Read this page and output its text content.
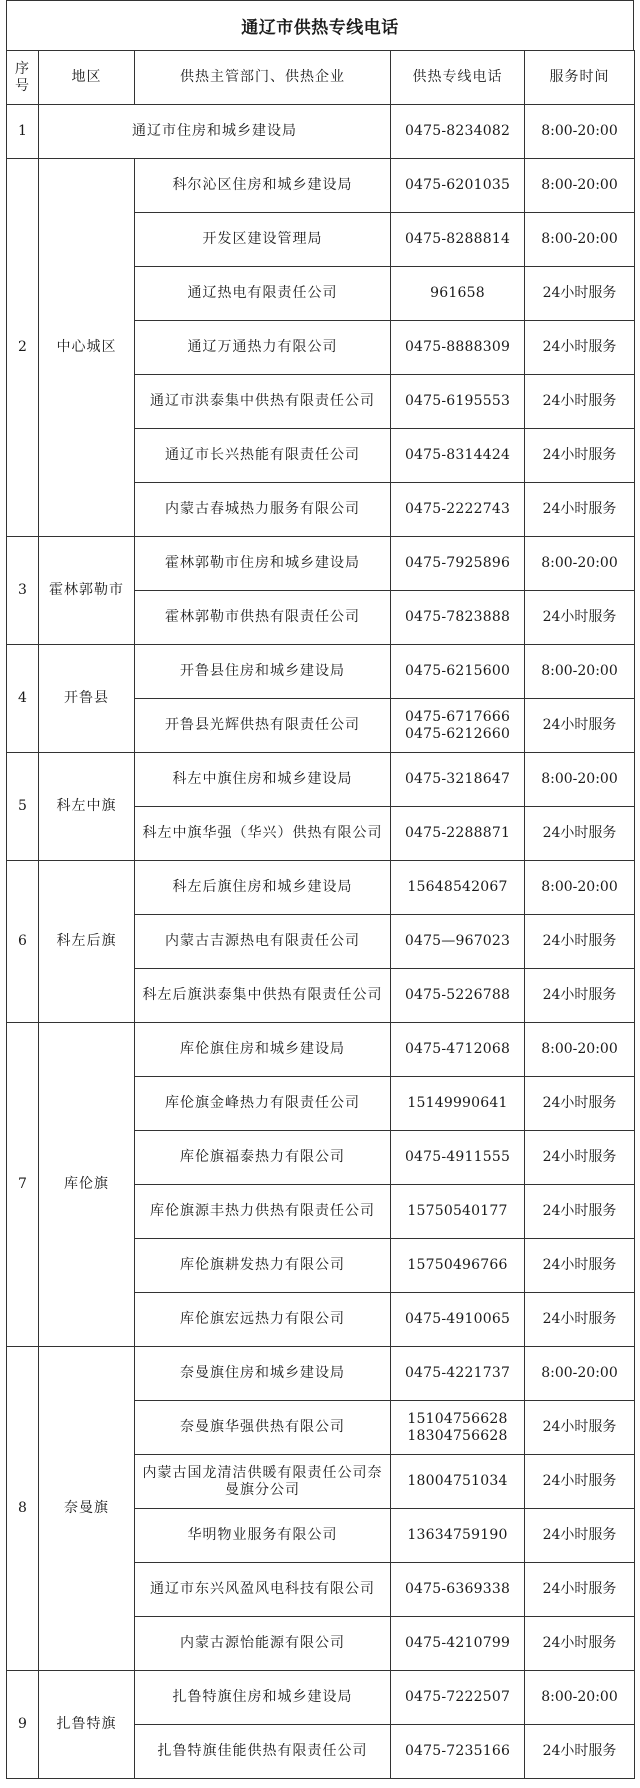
通辽市供热专线电话
序号	地区	供热主管部门、供热企业	供热专线电话	服务时间
1	通辽市住房和城乡建设局		0475-8234082	8:00-20:00
2	中心城区	科尔沁区住房和城乡建设局	0475-6201035	8:00-20:00
		开发区建设管理局	0475-8288814	8:00-20:00
		通辽热电有限责任公司	961658	24小时服务
		通辽万通热力有限公司	0475-8888309	24小时服务
		通辽市洪泰集中供热有限责任公司	0475-6195553	24小时服务
		通辽市长兴热能有限责任公司	0475-8314424	24小时服务
		内蒙古春城热力服务有限公司	0475-2222743	24小时服务
3	霍林郭勒市	霍林郭勒市住房和城乡建设局	0475-7925896	8:00-20:00
		霍林郭勒市供热有限责任公司	0475-7823888	24小时服务
4	开鲁县	开鲁县住房和城乡建设局	0475-6215600	8:00-20:00
		开鲁县光辉供热有限责任公司	0475-6717666 0475-6212660	24小时服务
5	科左中旗	科左中旗住房和城乡建设局	0475-3218647	8:00-20:00
		科左中旗华强（华兴）供热有限公司	0475-2288871	24小时服务
6	科左后旗	科左后旗住房和城乡建设局	15648542067	8:00-20:00
		内蒙古吉源热电有限责任公司	0475—967023	24小时服务
		科左后旗洪泰集中供热有限责任公司	0475-5226788	24小时服务
7	库伦旗	库伦旗住房和城乡建设局	0475-4712068	8:00-20:00
		库伦旗金峰热力有限责任公司	15149990641	24小时服务
		库伦旗福泰热力有限公司	0475-4911555	24小时服务
		库伦旗源丰热力供热有限责任公司	15750540177	24小时服务
		库伦旗耕发热力有限公司	15750496766	24小时服务
		库伦旗宏远热力有限公司	0475-4910065	24小时服务
8	奈曼旗	奈曼旗住房和城乡建设局	0475-4221737	8:00-20:00
		奈曼旗华强供热有限公司	15104756628 18304756628	24小时服务
		内蒙古国龙清洁供暖有限责任公司奈曼旗分公司	18004751034	24小时服务
		华明物业服务有限公司	13634759190	24小时服务
		通辽市东兴风盈风电科技有限公司	0475-6369338	24小时服务
		内蒙古源怡能源有限公司	0475-4210799	24小时服务
9	扎鲁特旗	扎鲁特旗住房和城乡建设局	0475-7222507	8:00-20:00
		扎鲁特旗佳能供热有限责任公司	0475-7235166	24小时服务
